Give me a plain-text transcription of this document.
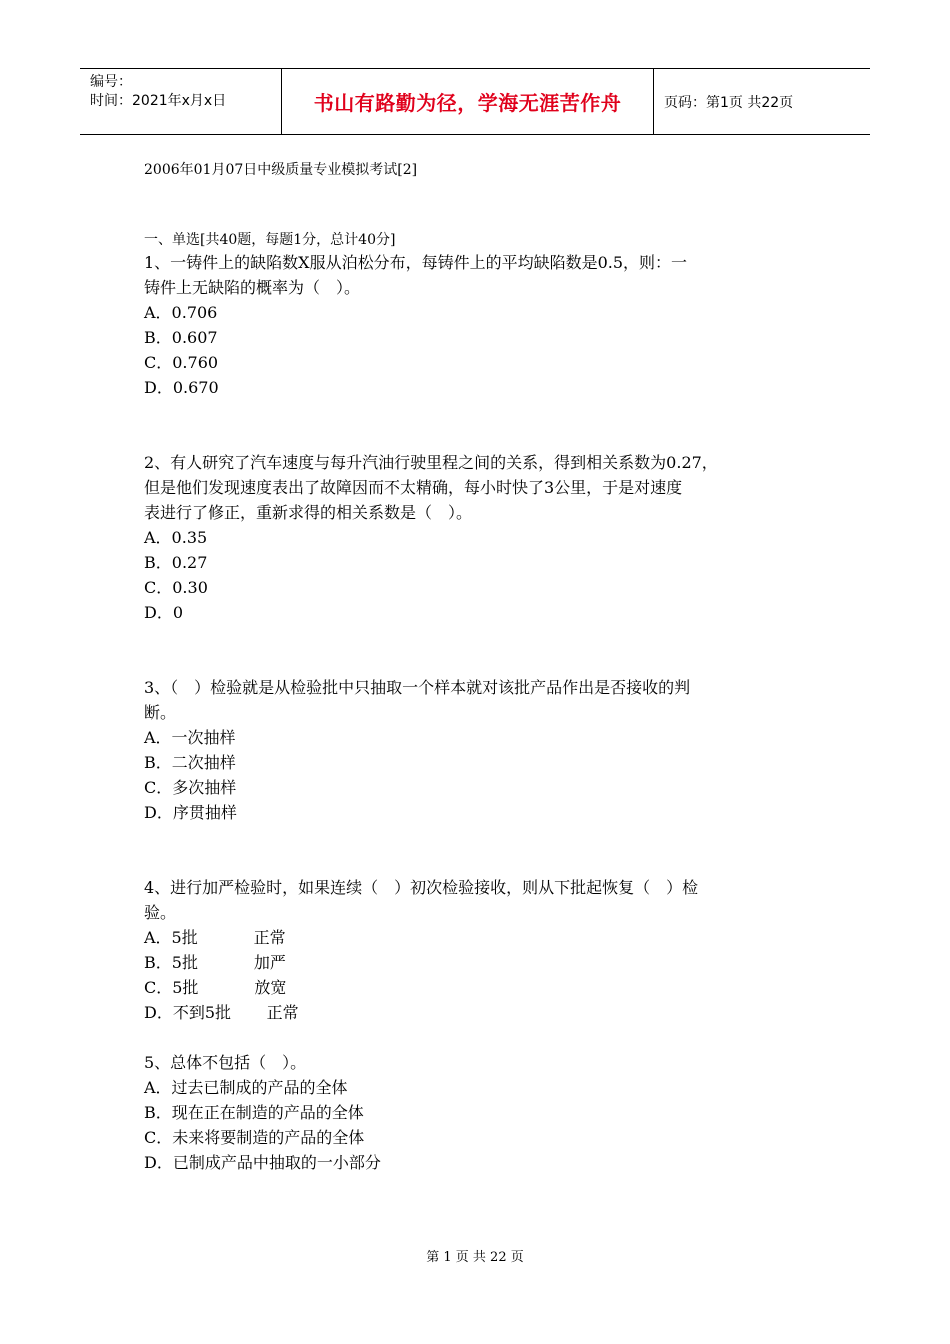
编号：
时间：2021年x月x日	书山有路勤为径，学海无涯苦作舟	页码：第1页 共22页

2006年01月07日中级质量专业模拟考试[2]

一、单选[共40题，每题1分，总计40分]

1、一铸件上的缺陷数X服从泊松分布，每铸件上的平均缺陷数是0.5，则：一

铸件上无缺陷的概率为（　）。

A．0.706

B．0.607

C．0.760

D．0.670

2、有人研究了汽车速度与每升汽油行驶里程之间的关系，得到相关系数为0.27，

但是他们发现速度表出了故障因而不太精确，每小时快了3公里，于是对速度

表进行了修正，重新求得的相关系数是（　）。

A．0.35

B．0.27

C．0.30

D．0

3、（　）检验就是从检验批中只抽取一个样本就对该批产品作出是否接收的判

断。

A．一次抽样

B．二次抽样

C．多次抽样

D．序贯抽样

4、进行加严检验时，如果连续（　）初次检验接收，则从下批起恢复（　）检

验。

A．5批           正常

B．5批           加严

C．5批           放宽

D．不到5批       正常

5、总体不包括（　）。

A．过去已制成的产品的全体

B．现在正在制造的产品的全体

C．未来将要制造的产品的全体

D．已制成产品中抽取的一小部分

第 1 页 共 22 页
